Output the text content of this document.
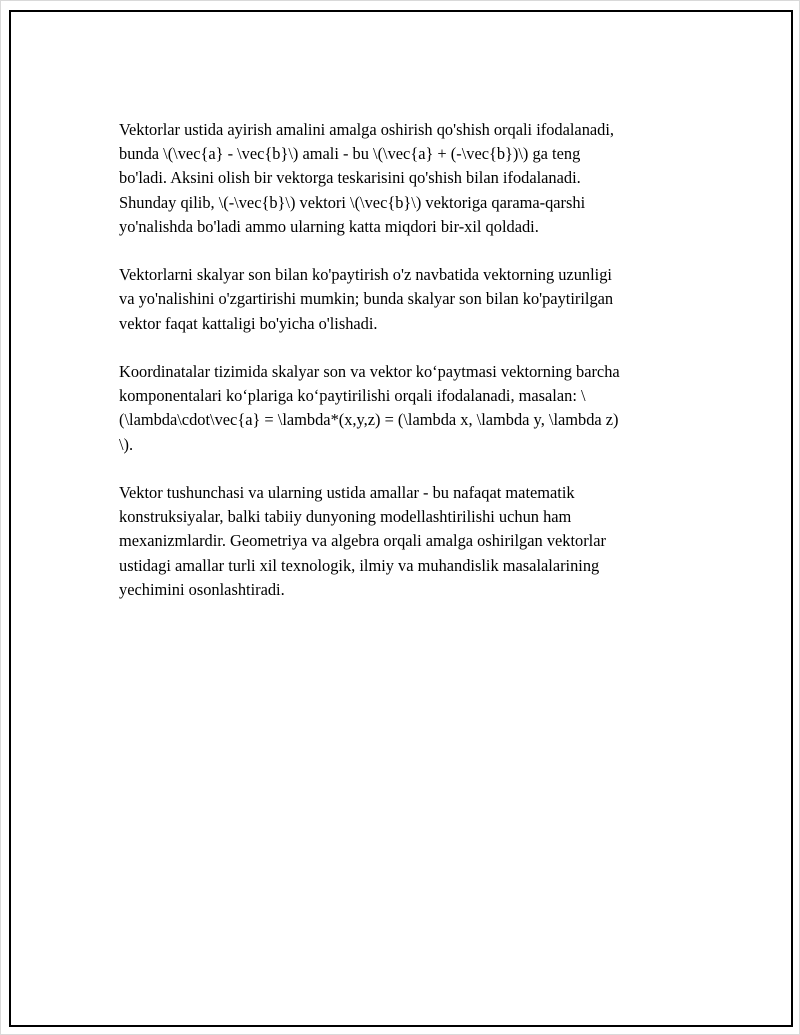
Vektorlar ustida ayirish amalini amalga oshirish qo'shish orqali ifodalanadi,
bunda \(\vec{a} - \vec{b}\) amali - bu \(\vec{a} + (-\vec{b})\) ga teng
bo'ladi. Aksini olish bir vektorga teskarisini qo'shish bilan ifodalanadi.
Shunday qilib, \(-\vec{b}\) vektori \(\vec{b}\) vektoriga qarama-qarshi
yo'nalishda bo'ladi ammo ularning katta miqdori bir-xil qoldadi.

Vektorlarni skalyar son bilan ko'paytirish o'z navbatida vektorning uzunligi
va yo'nalishini o'zgartirishi mumkin; bunda skalyar son bilan ko'paytirilgan
vektor faqat kattaligi bo'yicha o'lishadi.

Koordinatalar tizimida skalyar son va vektor ko‘paytmasi vektorning barcha
komponentalari ko‘plariga ko‘paytirilishi orqali ifodalanadi, masalan: \
(\lambda\cdot\vec{a} = \lambda*(x,y,z) = (\lambda x, \lambda y, \lambda z)
\).

Vektor tushunchasi va ularning ustida amallar - bu nafaqat matematik
konstruksiyalar, balki tabiiy dunyoning modellashtirilishi uchun ham
mexanizmlardir. Geometriya va algebra orqali amalga oshirilgan vektorlar
ustidagi amallar turli xil texnologik, ilmiy va muhandislik masalalarining
yechimini osonlashtiradi.
